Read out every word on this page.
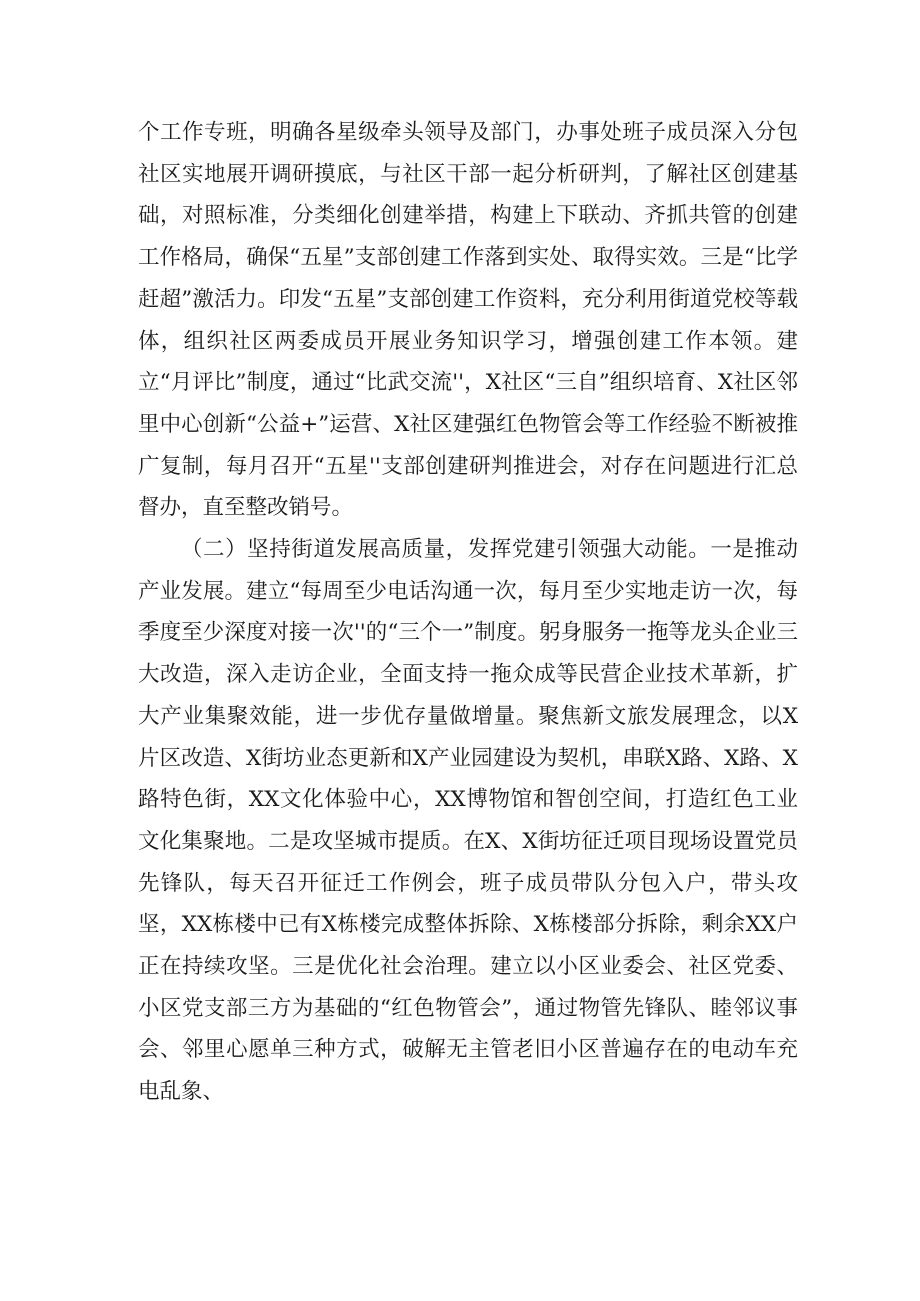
个工作专班，明确各星级牵头领导及部门，办事处班子成员深入分包社区实地展开调研摸底，与社区干部一起分析研判，了解社区创建基础，对照标准，分类细化创建举措，构建上下联动、齐抓共管的创建工作格局，确保“五星”支部创建工作落到实处、取得实效。三是“比学赶超”激活力。印发“五星”支部创建工作资料，充分利用街道党校等载体，组织社区两委成员开展业务知识学习，增强创建工作本领。建立“月评比”制度，通过“比武交流''，X社区“三自”组织培育、X社区邻里中心创新“公益+”运营、X社区建强红色物管会等工作经验不断被推广复制，每月召开“五星''支部创建研判推进会，对存在问题进行汇总督办，直至整改销号。

（二）坚持街道发展高质量，发挥党建引领强大动能。一是推动产业发展。建立“每周至少电话沟通一次，每月至少实地走访一次，每季度至少深度对接一次''的“三个一”制度。躬身服务一拖等龙头企业三大改造，深入走访企业，全面支持一拖众成等民营企业技术革新，扩大产业集聚效能，进一步优存量做增量。聚焦新文旅发展理念，以X片区改造、X街坊业态更新和X产业园建设为契机，串联X路、X路、X路特色街，XX文化体验中心，XX博物馆和智创空间，打造红色工业文化集聚地。二是攻坚城市提质。在X、X街坊征迁项目现场设置党员先锋队，每天召开征迁工作例会，班子成员带队分包入户，带头攻坚，XX栋楼中已有X栋楼完成整体拆除、X栋楼部分拆除，剩余XX户正在持续攻坚。三是优化社会治理。建立以小区业委会、社区党委、小区党支部三方为基础的“红色物管会”，通过物管先锋队、睦邻议事会、邻里心愿单三种方式，破解无主管老旧小区普遍存在的电动车充电乱象、
